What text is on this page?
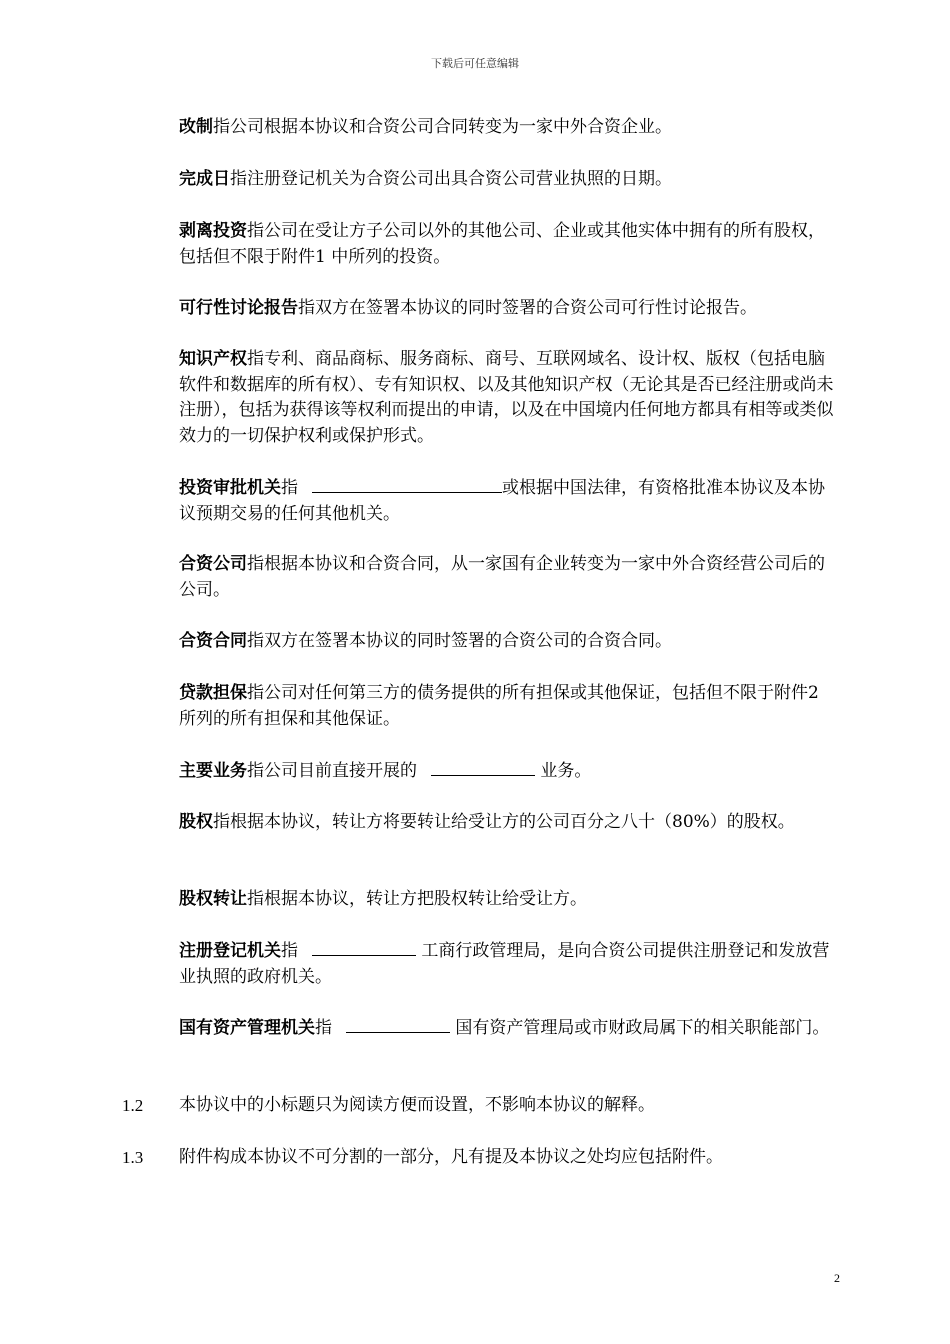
下载后可任意编辑
改制指公司根据本协议和合资公司合同转变为一家中外合资企业。
完成日指注册登记机关为合资公司出具合资公司营业执照的日期。
剥离投资指公司在受让方子公司以外的其他公司、企业或其他实体中拥有的所有股权，包括但不限于附件1 中所列的投资。
可行性讨论报告指双方在签署本协议的同时签署的合资公司可行性讨论报告。
知识产权指专利、商品商标、服务商标、商号、互联网域名、设计权、版权（包括电脑软件和数据库的所有权）、专有知识权、以及其他知识产权（无论其是否已经注册或尚未注册），包括为获得该等权利而提出的申请，以及在中国境内任何地方都具有相等或类似效力的一切保护权利或保护形式。
投资审批机关指	或根据中国法律，有资格批准本协议及本协议预期交易的任何其他机关。
合资公司指根据本协议和合资合同，从一家国有企业转变为一家中外合资经营公司后的公司。
合资合同指双方在签署本协议的同时签署的合资公司的合资合同。
贷款担保指公司对任何第三方的债务提供的所有担保或其他保证，包括但不限于附件2 所列的所有担保和其他保证。
主要业务指公司目前直接开展的	业务。
股权指根据本协议，转让方将要转让给受让方的公司百分之八十（80%）的股权。
股权转让指根据本协议，转让方把股权转让给受让方。
注册登记机关指	工商行政管理局，是向合资公司提供注册登记和发放营业执照的政府机关。
国有资产管理机关指	国有资产管理局或市财政局属下的相关职能部门。
1.2 本协议中的小标题只为阅读方便而设置，不影响本协议的解释。
1.3 附件构成本协议不可分割的一部分，凡有提及本协议之处均应包括附件。
2
